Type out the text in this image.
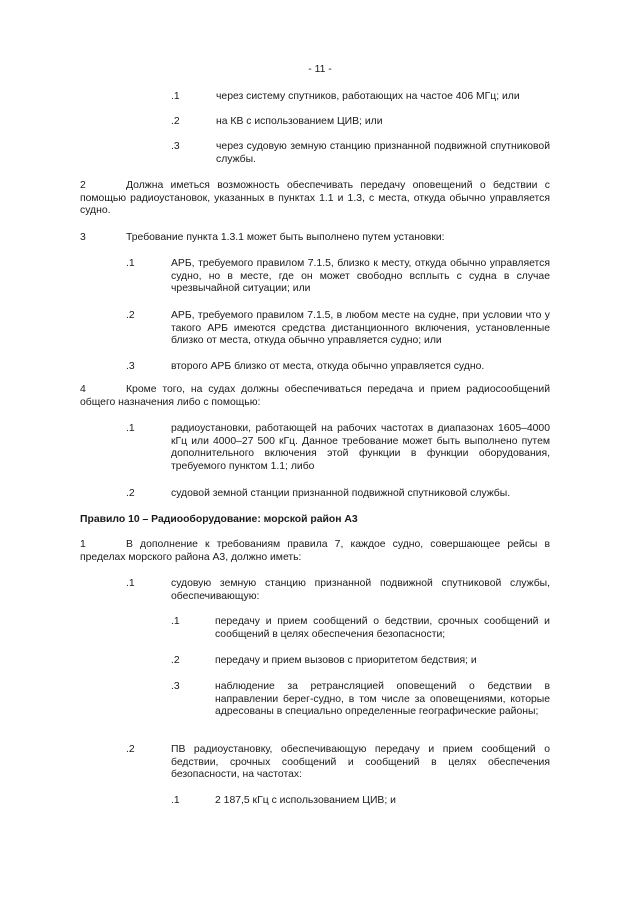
- 11 -
.1	через систему спутников, работающих на частое 406 МГц; или
.2	на КВ с использованием ЦИВ; или
.3	через судовую земную станцию признанной подвижной спутниковой службы.
2	Должна иметься возможность обеспечивать передачу оповещений о бедствии с помощью радиоустановок, указанных в пунктах 1.1 и 1.3, с места, откуда обычно управляется судно.
3	Требование пункта 1.3.1 может быть выполнено путем установки:
.1	АРБ, требуемого правилом 7.1.5, близко к месту, откуда обычно управляется судно, но в месте, где он может свободно всплыть с судна в случае чрезвычайной ситуации; или
.2	АРБ, требуемого правилом 7.1.5, в любом месте на судне, при условии что у такого АРБ имеются средства дистанционного включения, установленные близко от места, откуда обычно управляется судно; или
.3	второго АРБ близко от места, откуда обычно управляется судно.
4	Кроме того, на судах должны обеспечиваться передача и прием радиосообщений общего назначения либо с помощью:
.1	радиоустановки, работающей на рабочих частотах в диапазонах 1605–4000 кГц или 4000–27 500 кГц. Данное требование может быть выполнено путем дополнительного включения этой функции в функции оборудования, требуемого пунктом 1.1; либо
.2	судовой земной станции признанной подвижной спутниковой службы.
Правило 10 – Радиооборудование: морской район А3
1	В дополнение к требованиям правила 7, каждое судно, совершающее рейсы в пределах морского района А3, должно иметь:
.1	судовую земную станцию признанной подвижной спутниковой службы, обеспечивающую:
.1	передачу и прием сообщений о бедствии, срочных сообщений и сообщений в целях обеспечения безопасности;
.2	передачу и прием вызовов с приоритетом бедствия; и
.3	наблюдение за ретрансляцией оповещений о бедствии в направлении берег-судно, в том числе за оповещениями, которые адресованы в специально определенные географические районы;
.2	ПВ радиоустановку, обеспечивающую передачу и прием сообщений о бедствии, срочных сообщений и сообщений в целях обеспечения безопасности, на частотах:
.1	2 187,5 кГц с использованием ЦИВ; и
